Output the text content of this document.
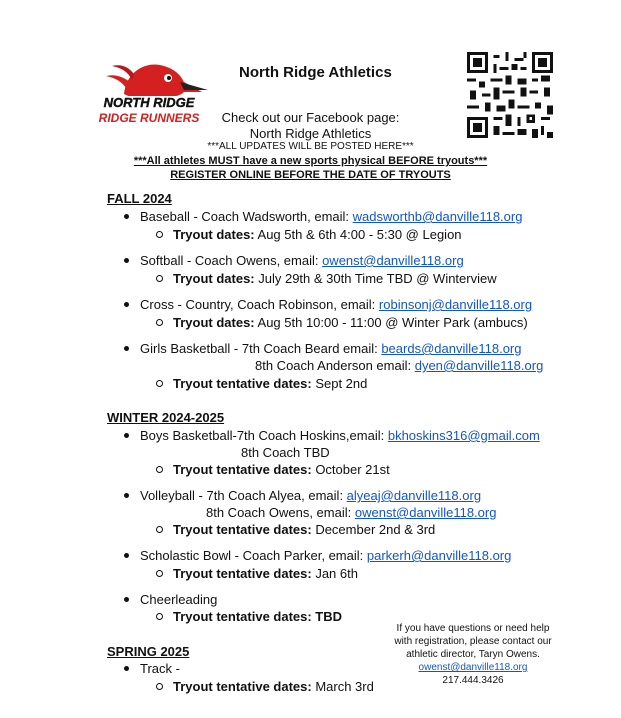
NORTH RIDGE
RIDGE RUNNERS
North Ridge Athletics
Check out our Facebook page:
North Ridge Athletics
***ALL UPDATES WILL BE POSTED HERE***
***All athletes MUST have a new sports physical BEFORE tryouts***
REGISTER ONLINE BEFORE THE DATE OF TRYOUTS
FALL 2024
Baseball - Coach Wadsworth, email: wadsworthb@danville118.org
Tryout dates: Aug 5th & 6th 4:00 - 5:30 @ Legion
Softball - Coach Owens, email: owenst@danville118.org
Tryout dates: July 29th & 30th Time TBD @ Winterview
Cross - Country, Coach Robinson, email: robinsonj@danville118.org
Tryout dates: Aug 5th 10:00 - 11:00 @ Winter Park (ambucs)
Girls Basketball - 7th Coach Beard email: beards@danville118.org
8th Coach Anderson email: dyen@danville118.org
Tryout tentative dates: Sept 2nd
WINTER 2024-2025
Boys Basketball-7th Coach Hoskins,email: bkhoskins316@gmail.com
8th Coach TBD
Tryout tentative dates: October 21st
Volleyball - 7th Coach Alyea, email: alyeaj@danville118.org
8th Coach Owens, email: owenst@danville118.org
Tryout tentative dates: December 2nd & 3rd
Scholastic Bowl - Coach Parker, email: parkerh@danville118.org
Tryout tentative dates: Jan 6th
Cheerleading
Tryout tentative dates: TBD
SPRING 2025
Track -
Tryout tentative dates: March 3rd
If you have questions or need help
with registration, please contact our
athletic director, Taryn Owens.
owenst@danville118.org
217.444.3426
